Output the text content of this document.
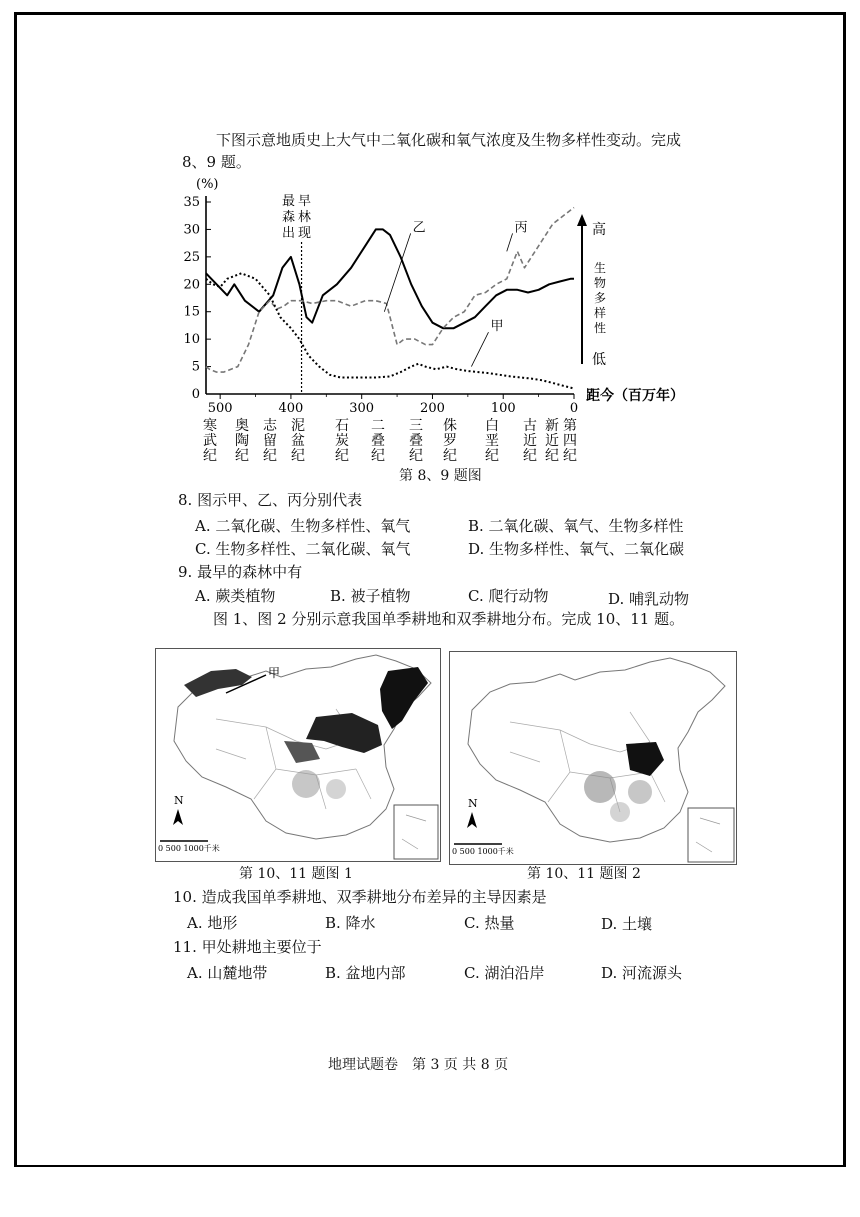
下图示意地质史上大气中二氧化碳和氧气浓度及生物多样性变动。完成
8、9 题。
(%)
0
5
10
15
20
25
30
35
500	400	300	200	100	0
距今（百万年）
乙	丙
甲
最
森
出
早
林
现	高
低
生
物
多
样
性
寒
武
纪
奥
陶
纪
志
留
纪
泥
盆
纪
石
炭
纪
二
叠
纪
三
叠
纪
侏
罗
纪
白
垩
纪
古
近
纪
新
近
纪
第
四
纪
第 8、9 题图
8. 图示甲、乙、丙分别代表
A. 二氧化碳、生物多样性、氧气	B. 二氧化碳、氧气、生物多样性
C. 生物多样性、二氧化碳、氧气	D. 生物多样性、氧气、二氧化碳
9. 最早的森林中有
A. 蕨类植物	B. 被子植物	C. 爬行动物	D. 哺乳动物
图 1、图 2 分别示意我国单季耕地和双季耕地分布。完成 10、11 题。
甲
N
0 500 1000千米
第 10、11 题图 1
N
0 500 1000千米
第 10、11 题图 2
10. 造成我国单季耕地、双季耕地分布差异的主导因素是
A. 地形	B. 降水	C. 热量	D. 土壤
11. 甲处耕地主要位于
A. 山麓地带	B. 盆地内部	C. 湖泊沿岸	D. 河流源头
地理试题卷　第 3 页 共 8 页
